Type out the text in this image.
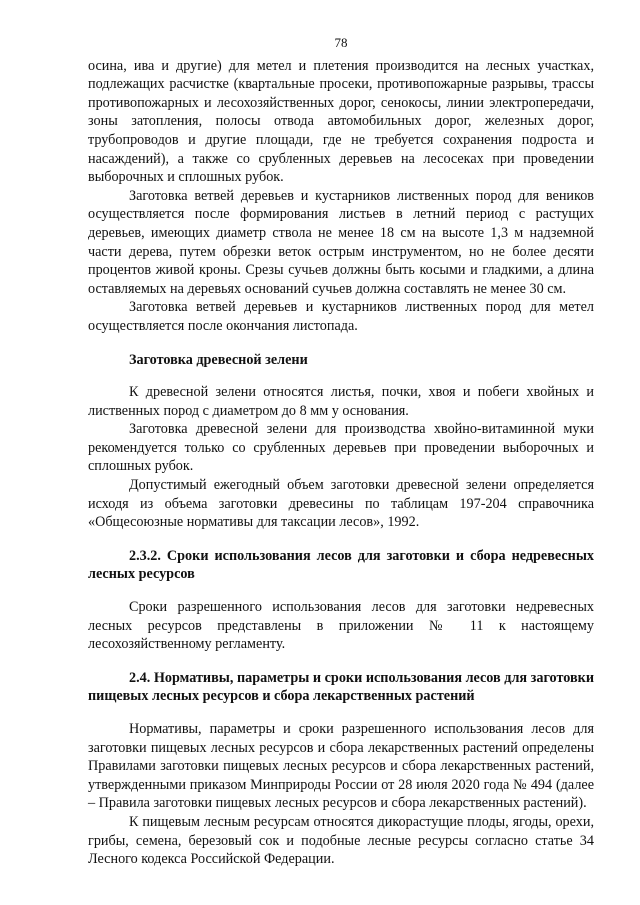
78

осина, ива и другие) для метел и плетения производится на лесных участках, подлежащих расчистке (квартальные просеки, противопожарные разрывы, трассы противопожарных и лесохозяйственных дорог, сенокосы, линии электропередачи, зоны затопления, полосы отвода автомобильных дорог, железных дорог, трубопроводов и другие площади, где не требуется сохранения подроста и насаждений), а также со срубленных деревьев на лесосеках при проведении выборочных и сплошных рубок.

Заготовка ветвей деревьев и кустарников лиственных пород для веников осуществляется после формирования листьев в летний период с растущих деревьев, имеющих диаметр ствола не менее 18 см на высоте 1,3 м надземной части дерева, путем обрезки веток острым инструментом, но не более десяти процентов живой кроны. Срезы сучьев должны быть косыми и гладкими, а длина оставляемых на деревьях оснований сучьев должна составлять не менее 30 см.

Заготовка ветвей деревьев и кустарников лиственных пород для метел осуществляется после окончания листопада.

Заготовка древесной зелени

К древесной зелени относятся листья, почки, хвоя и побеги хвойных и лиственных пород с диаметром до 8 мм у основания.

Заготовка древесной зелени для производства хвойно-витаминной муки рекомендуется только со срубленных деревьев при проведении выборочных и сплошных рубок.

Допустимый ежегодный объем заготовки древесной зелени определяется исходя из объема заготовки древесины по таблицам 197-204 справочника «Общесоюзные нормативы для таксации лесов», 1992.

2.3.2. Сроки использования лесов для заготовки и сбора недревесных лесных ресурсов

Сроки разрешенного использования лесов для заготовки недревесных лесных ресурсов представлены в приложении № 11 к настоящему лесохозяйственному регламенту.

2.4. Нормативы, параметры и сроки использования лесов для заготовки пищевых лесных ресурсов и сбора лекарственных растений

Нормативы, параметры и сроки разрешенного использования лесов для заготовки пищевых лесных ресурсов и сбора лекарственных растений определены Правилами заготовки пищевых лесных ресурсов и сбора лекарственных растений, утвержденными приказом Минприроды России от 28 июля 2020 года № 494 (далее – Правила заготовки пищевых лесных ресурсов и сбора лекарственных растений).

К пищевым лесным ресурсам относятся дикорастущие плоды, ягоды, орехи, грибы, семена, березовый сок и подобные лесные ресурсы согласно статье 34 Лесного кодекса Российской Федерации.
